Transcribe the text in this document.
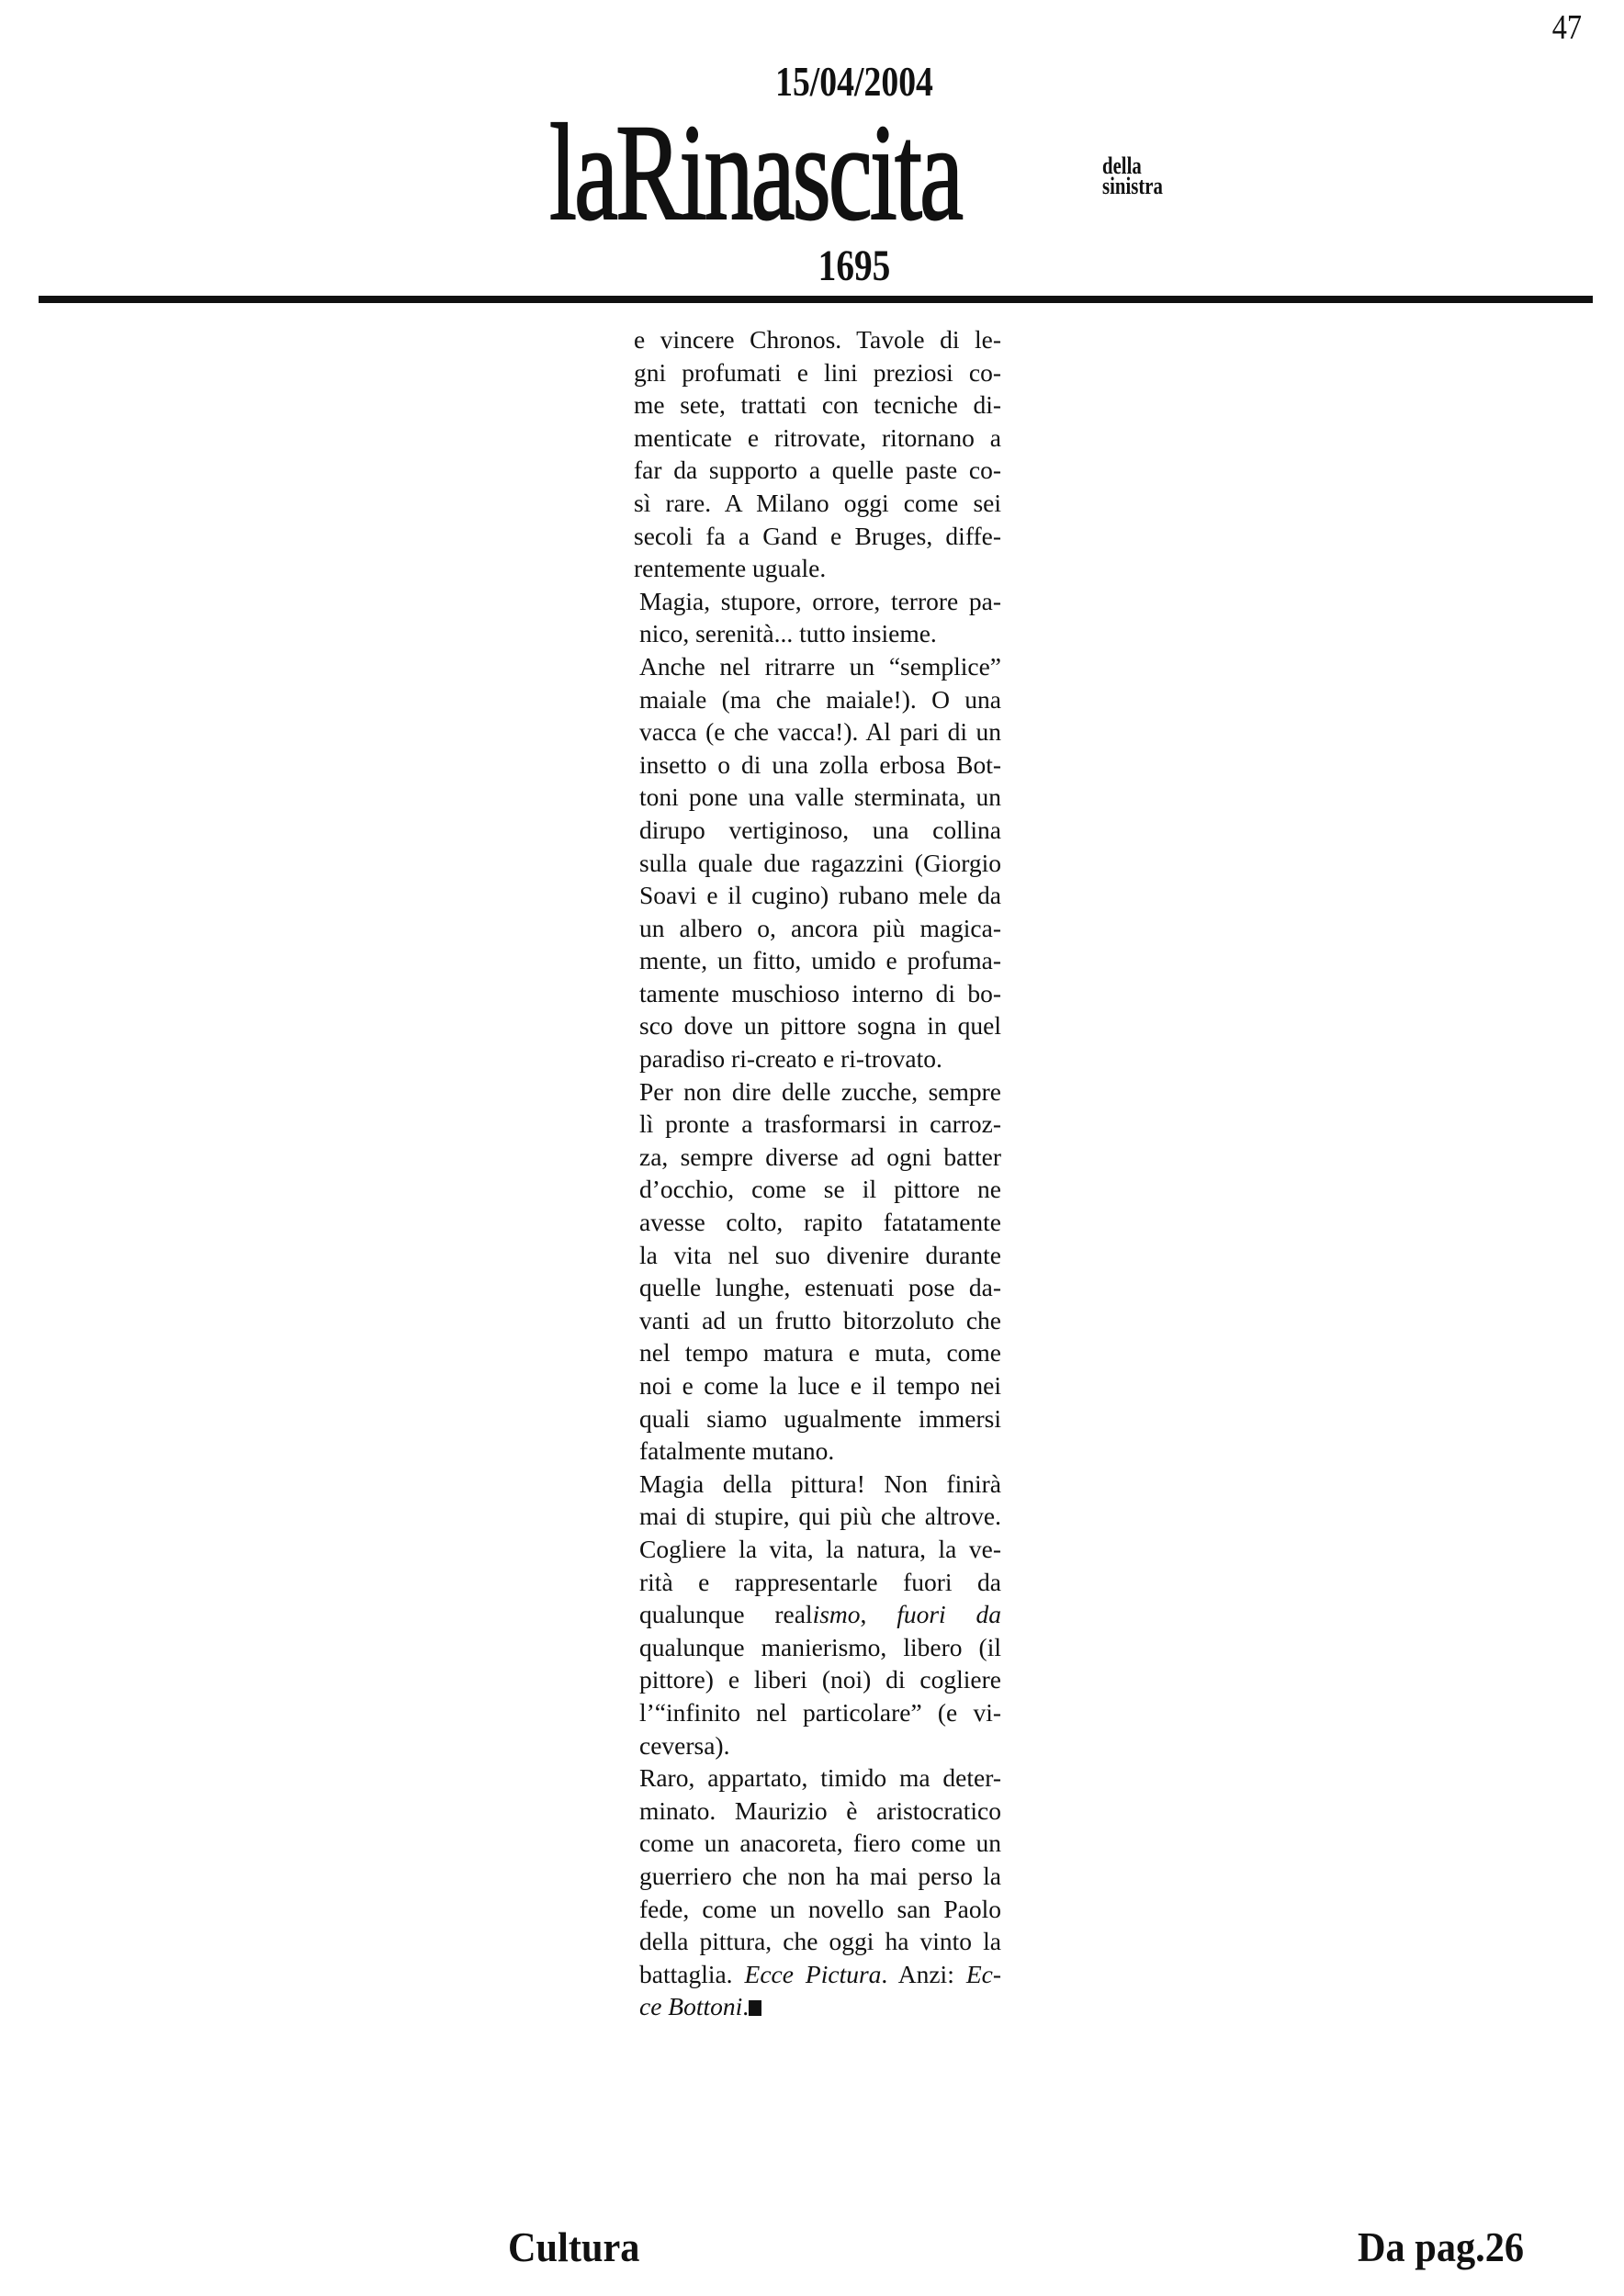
47
15/04/2004
laRinascita	della
sinistra
1695
e vincere Chronos. Tavole di le-
gni profumati e lini preziosi co-
me sete, trattati con tecniche di-
menticate e ritrovate, ritornano a
far da supporto a quelle paste co-
sì rare. A Milano oggi come sei
secoli fa a Gand e Bruges, diffe-
rentemente uguale.
Magia, stupore, orrore, terrore pa-
nico, serenità... tutto insieme.
Anche nel ritrarre un “semplice”
maiale (ma che maiale!). O una
vacca (e che vacca!). Al pari di un
insetto o di una zolla erbosa Bot-
toni pone una valle sterminata, un
dirupo vertiginoso, una collina
sulla quale due ragazzini (Giorgio
Soavi e il cugino) rubano mele da
un albero o, ancora più magica-
mente, un fitto, umido e profuma-
tamente muschioso interno di bo-
sco dove un pittore sogna in quel
paradiso ri-creato e ri-trovato.
Per non dire delle zucche, sempre
lì pronte a trasformarsi in carroz-
za, sempre diverse ad ogni batter
d’occhio, come se il pittore ne
avesse colto, rapito fatatamente
la vita nel suo divenire durante
quelle lunghe, estenuati pose da-
vanti ad un frutto bitorzoluto che
nel tempo matura e muta, come
noi e come la luce e il tempo nei
quali siamo ugualmente immersi
fatalmente mutano.
Magia della pittura! Non finirà
mai di stupire, qui più che altrove.
Cogliere la vita, la natura, la ve-
rità e rappresentarle fuori da
qualunque realismo, fuori da
qualunque manierismo, libero (il
pittore) e liberi (noi) di cogliere
l’“infinito nel particolare” (e vi-
ceversa).
Raro, appartato, timido ma deter-
minato. Maurizio è aristocratico
come un anacoreta, fiero come un
guerriero che non ha mai perso la
fede, come un novello san Paolo
della pittura, che oggi ha vinto la
battaglia. Ecce Pictura. Anzi: Ec-
ce Bottoni.
Cultura	Da pag.26
